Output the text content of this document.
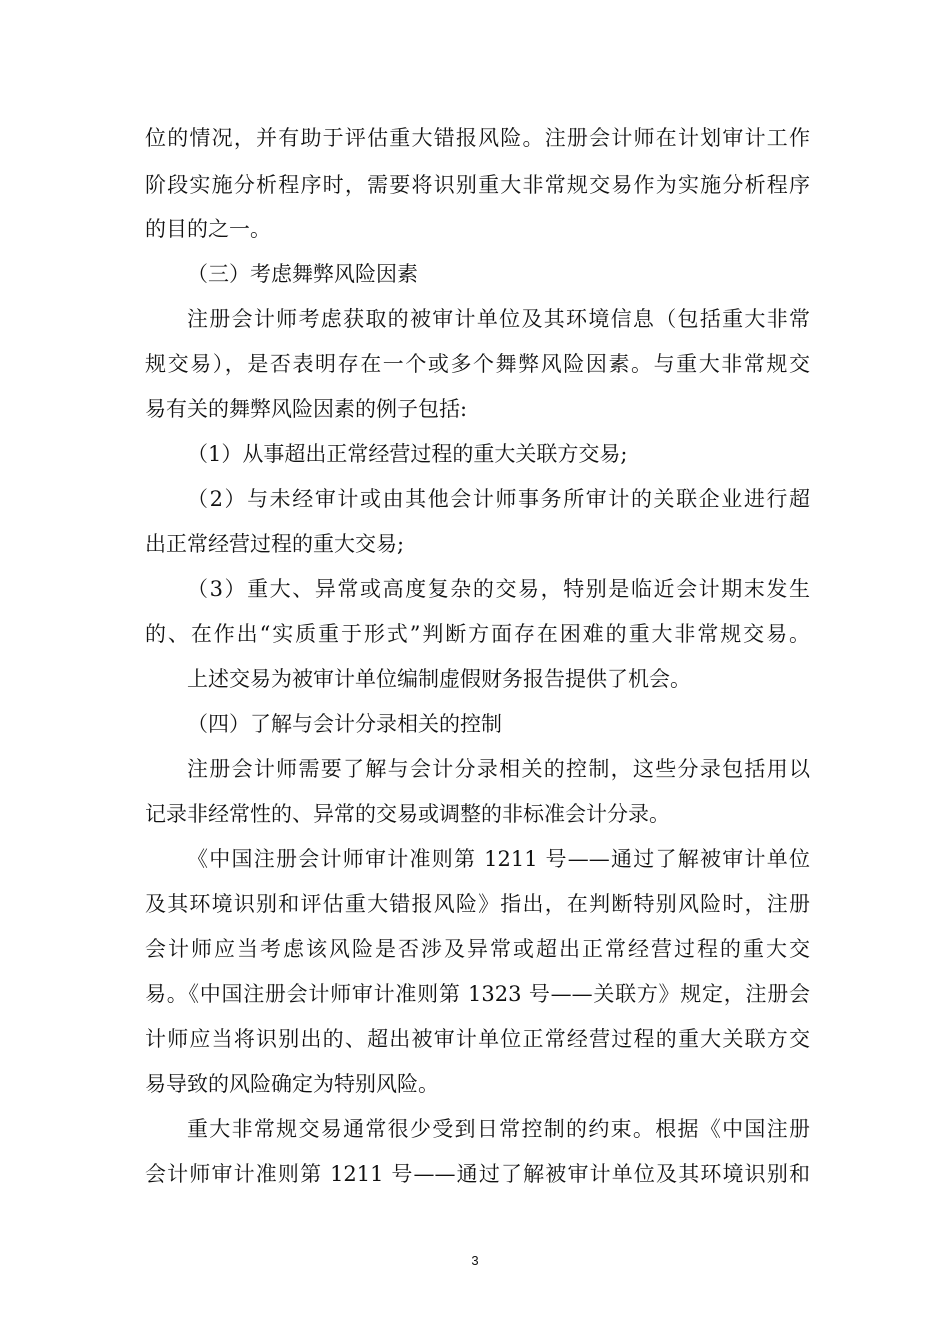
位的情况，并有助于评估重大错报风险。注册会计师在计划审计工作
阶段实施分析程序时，需要将识别重大非常规交易作为实施分析程序
的目的之一。
（三）考虑舞弊风险因素
注册会计师考虑获取的被审计单位及其环境信息（包括重大非常
规交易），是否表明存在一个或多个舞弊风险因素。与重大非常规交
易有关的舞弊风险因素的例子包括:
（1）从事超出正常经营过程的重大关联方交易;
（2）与未经审计或由其他会计师事务所审计的关联企业进行超
出正常经营过程的重大交易;
（3）重大、异常或高度复杂的交易，特别是临近会计期末发生
的、在作出“实质重于形式”判断方面存在困难的重大非常规交易。
上述交易为被审计单位编制虚假财务报告提供了机会。
（四）了解与会计分录相关的控制
注册会计师需要了解与会计分录相关的控制，这些分录包括用以
记录非经常性的、异常的交易或调整的非标准会计分录。
《中国注册会计师审计准则第 1211 号——通过了解被审计单位
及其环境识别和评估重大错报风险》指出，在判断特别风险时，注册
会计师应当考虑该风险是否涉及异常或超出正常经营过程的重大交
易。《中国注册会计师审计准则第 1323 号——关联方》规定，注册会
计师应当将识别出的、超出被审计单位正常经营过程的重大关联方交
易导致的风险确定为特别风险。
重大非常规交易通常很少受到日常控制的约束。根据《中国注册
会计师审计准则第 1211 号——通过了解被审计单位及其环境识别和
3
